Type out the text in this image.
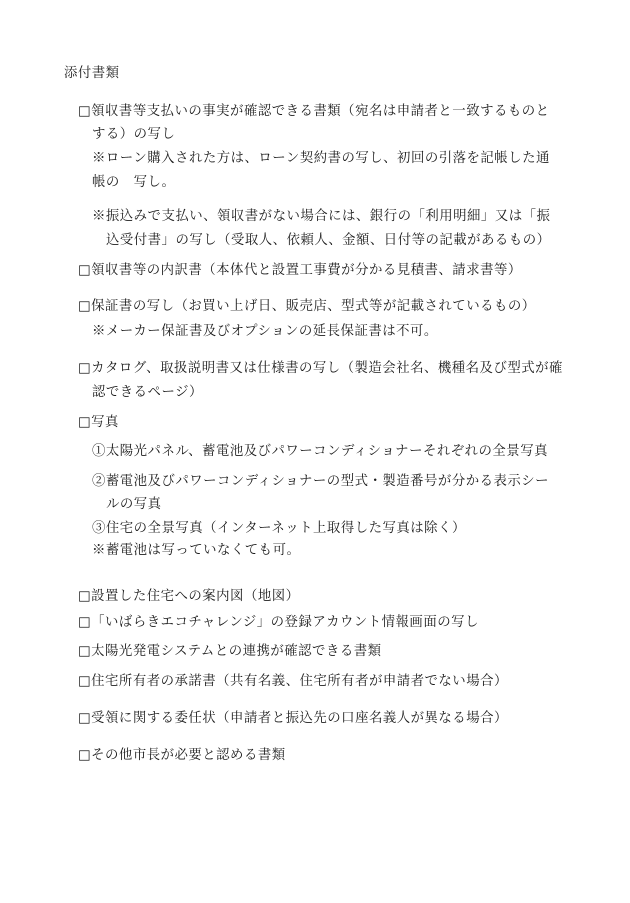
添付書類
□領収書等支払いの事実が確認できる書類（宛名は申請者と一致するものと
する）の写し
※ローン購入された方は、ローン契約書の写し、初回の引落を記帳した通
帳の　写し。
※振込みで支払い、領収書がない場合には、銀行の「利用明細」又は「振
込受付書」の写し（受取人、依頼人、金額、日付等の記載があるもの）
□領収書等の内訳書（本体代と設置工事費が分かる見積書、請求書等）
□保証書の写し（お買い上げ日、販売店、型式等が記載されているもの）
※メーカー保証書及びオプションの延長保証書は不可。
□カタログ、取扱説明書又は仕様書の写し（製造会社名、機種名及び型式が確
認できるページ）
□写真
①太陽光パネル、蓄電池及びパワーコンディショナーそれぞれの全景写真
②蓄電池及びパワーコンディショナーの型式・製造番号が分かる表示シー
ルの写真
③住宅の全景写真（インターネット上取得した写真は除く）
※蓄電池は写っていなくても可。
□設置した住宅への案内図（地図）
□「いばらきエコチャレンジ」の登録アカウント情報画面の写し
□太陽光発電システムとの連携が確認できる書類
□住宅所有者の承諾書（共有名義、住宅所有者が申請者でない場合）
□受領に関する委任状（申請者と振込先の口座名義人が異なる場合）
□その他市長が必要と認める書類
